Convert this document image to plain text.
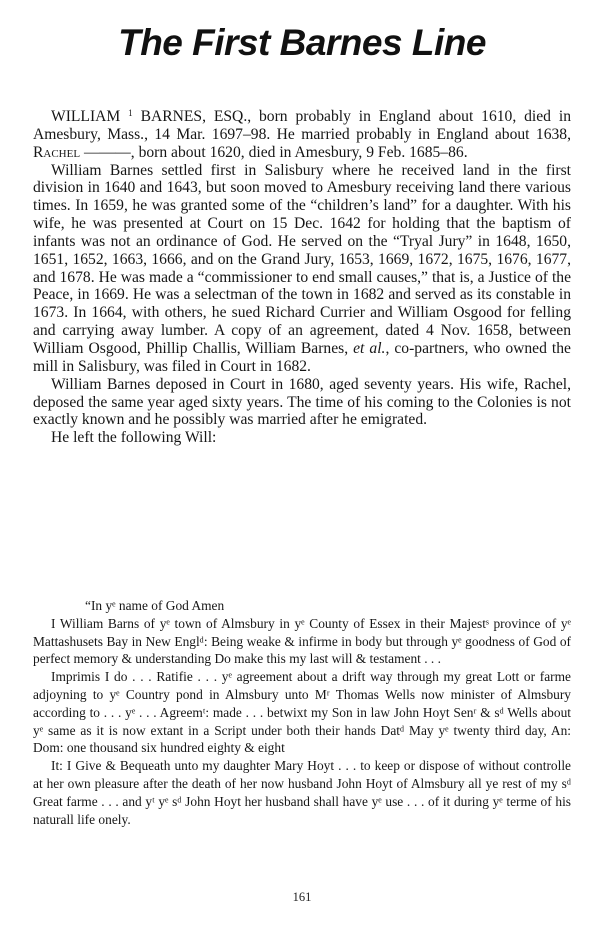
The First Barnes Line

WILLIAM $^1$ BARNES, ESQ., born probably in England about 1610, died in Amesbury, Mass., 14 Mar. 1697–98. He married probably in England about 1638, Rachel ———, born about 1620, died in Amesbury, 9 Feb. 1685–86.

William Barnes settled first in Salisbury where he received land in the first division in 1640 and 1643, but soon moved to Amesbury receiving land there various times. In 1659, he was granted some of the “children’s land” for a daughter. With his wife, he was presented at Court on 15 Dec. 1642 for holding that the baptism of infants was not an ordinance of God. He served on the “Tryal Jury” in 1648, 1650, 1651, 1652, 1663, 1666, and on the Grand Jury, 1653, 1669, 1672, 1675, 1676, 1677, and 1678. He was made a “commissioner to end small causes,” that is, a Justice of the Peace, in 1669. He was a selectman of the town in 1682 and served as its constable in 1673. In 1664, with others, he sued Richard Currier and William Osgood for felling and carrying away lumber. A copy of an agreement, dated 4 Nov. 1658, between William Osgood, Phillip Challis, William Barnes, et al., co-partners, who owned the mill in Salisbury, was filed in Court in 1682.

William Barnes deposed in Court in 1680, aged seventy years. His wife, Rachel, deposed the same year aged sixty years. The time of his coming to the Colonies is not exactly known and he possibly was married after he emigrated.

He left the following Will:

“In yᵉ name of God Amen

I William Barns of yᵉ town of Almsbury in yᵉ County of Essex in their Majestˢ province of yᵉ Mattashusets Bay in New Englᵈ: Being weake & infirme in body but through yᵉ goodness of God of perfect memory & understanding Do make this my last will & testament . . .

Imprimis I do . . . Ratifie . . . yᵉ agreement about a drift way through my great Lott or farme adjoyning to yᵉ Country pond in Almsbury unto Mʳ Thomas Wells now minister of Almsbury according to . . . yᵉ . . . Agreemᵗ: made . . . betwixt my Son in law John Hoyt Senʳ & sᵈ Wells about yᵉ same as it is now extant in a Script under both their hands Datᵈ May yᵉ twenty third day, An: Dom: one thousand six hundred eighty & eight

It: I Give & Bequeath unto my daughter Mary Hoyt . . . to keep or dispose of without controlle at her own pleasure after the death of her now husband John Hoyt of Almsbury all ye rest of my sᵈ Great farme . . . and yᵗ yᵉ sᵈ John Hoyt her husband shall have yᵉ use . . . of it during yᵉ terme of his naturall life onely.

161
